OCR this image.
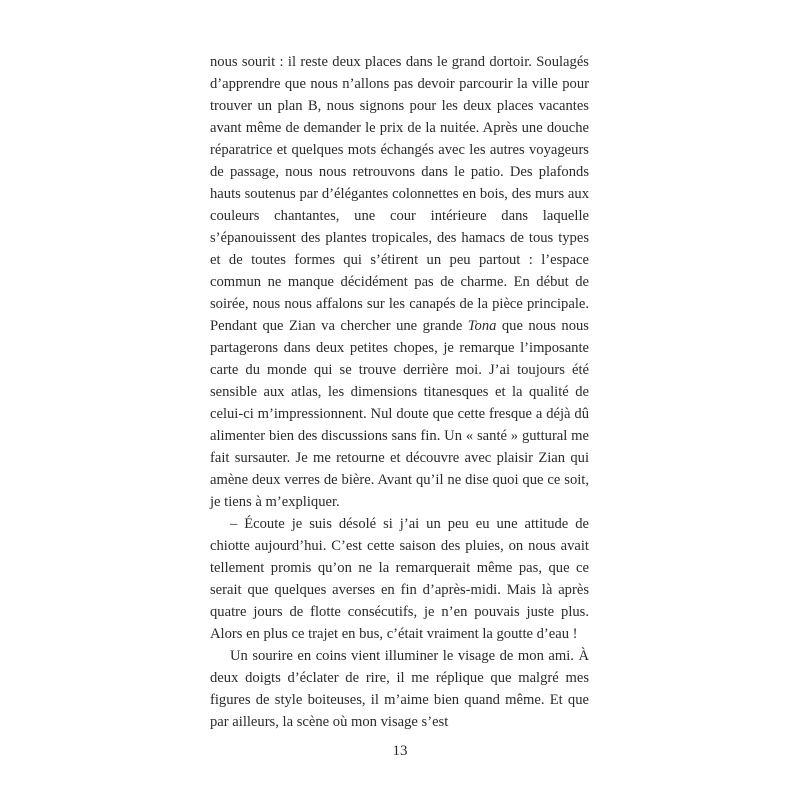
nous sourit : il reste deux places dans le grand dortoir. Soulagés d’apprendre que nous n’allons pas devoir parcourir la ville pour trouver un plan B, nous signons pour les deux places vacantes avant même de demander le prix de la nuitée. Après une douche réparatrice et quelques mots échangés avec les autres voyageurs de passage, nous nous retrouvons dans le patio. Des plafonds hauts soutenus par d’élégantes colonnettes en bois, des murs aux couleurs chantantes, une cour intérieure dans laquelle s’épanouissent des plantes tropicales, des hamacs de tous types et de toutes formes qui s’étirent un peu partout : l’espace commun ne manque décidément pas de charme. En début de soirée, nous nous affalons sur les canapés de la pièce principale. Pendant que Zian va chercher une grande Tona que nous nous partagerons dans deux petites chopes, je remarque l’imposante carte du monde qui se trouve derrière moi. J’ai toujours été sensible aux atlas, les dimensions titanesques et la qualité de celui-ci m’impressionnent. Nul doute que cette fresque a déjà dû alimenter bien des discussions sans fin. Un « santé » guttural me fait sursauter. Je me retourne et découvre avec plaisir Zian qui amène deux verres de bière. Avant qu’il ne dise quoi que ce soit, je tiens à m’expliquer.

– Écoute je suis désolé si j’ai un peu eu une attitude de chiotte aujourd’hui. C’est cette saison des pluies, on nous avait tellement promis qu’on ne la remarquerait même pas, que ce serait que quelques averses en fin d’après-midi. Mais là après quatre jours de flotte consécutifs, je n’en pouvais juste plus. Alors en plus ce trajet en bus, c’était vraiment la goutte d’eau !

Un sourire en coins vient illuminer le visage de mon ami. À deux doigts d’éclater de rire, il me réplique que malgré mes figures de style boiteuses, il m’aime bien quand même. Et que par ailleurs, la scène où mon visage s’est

13
